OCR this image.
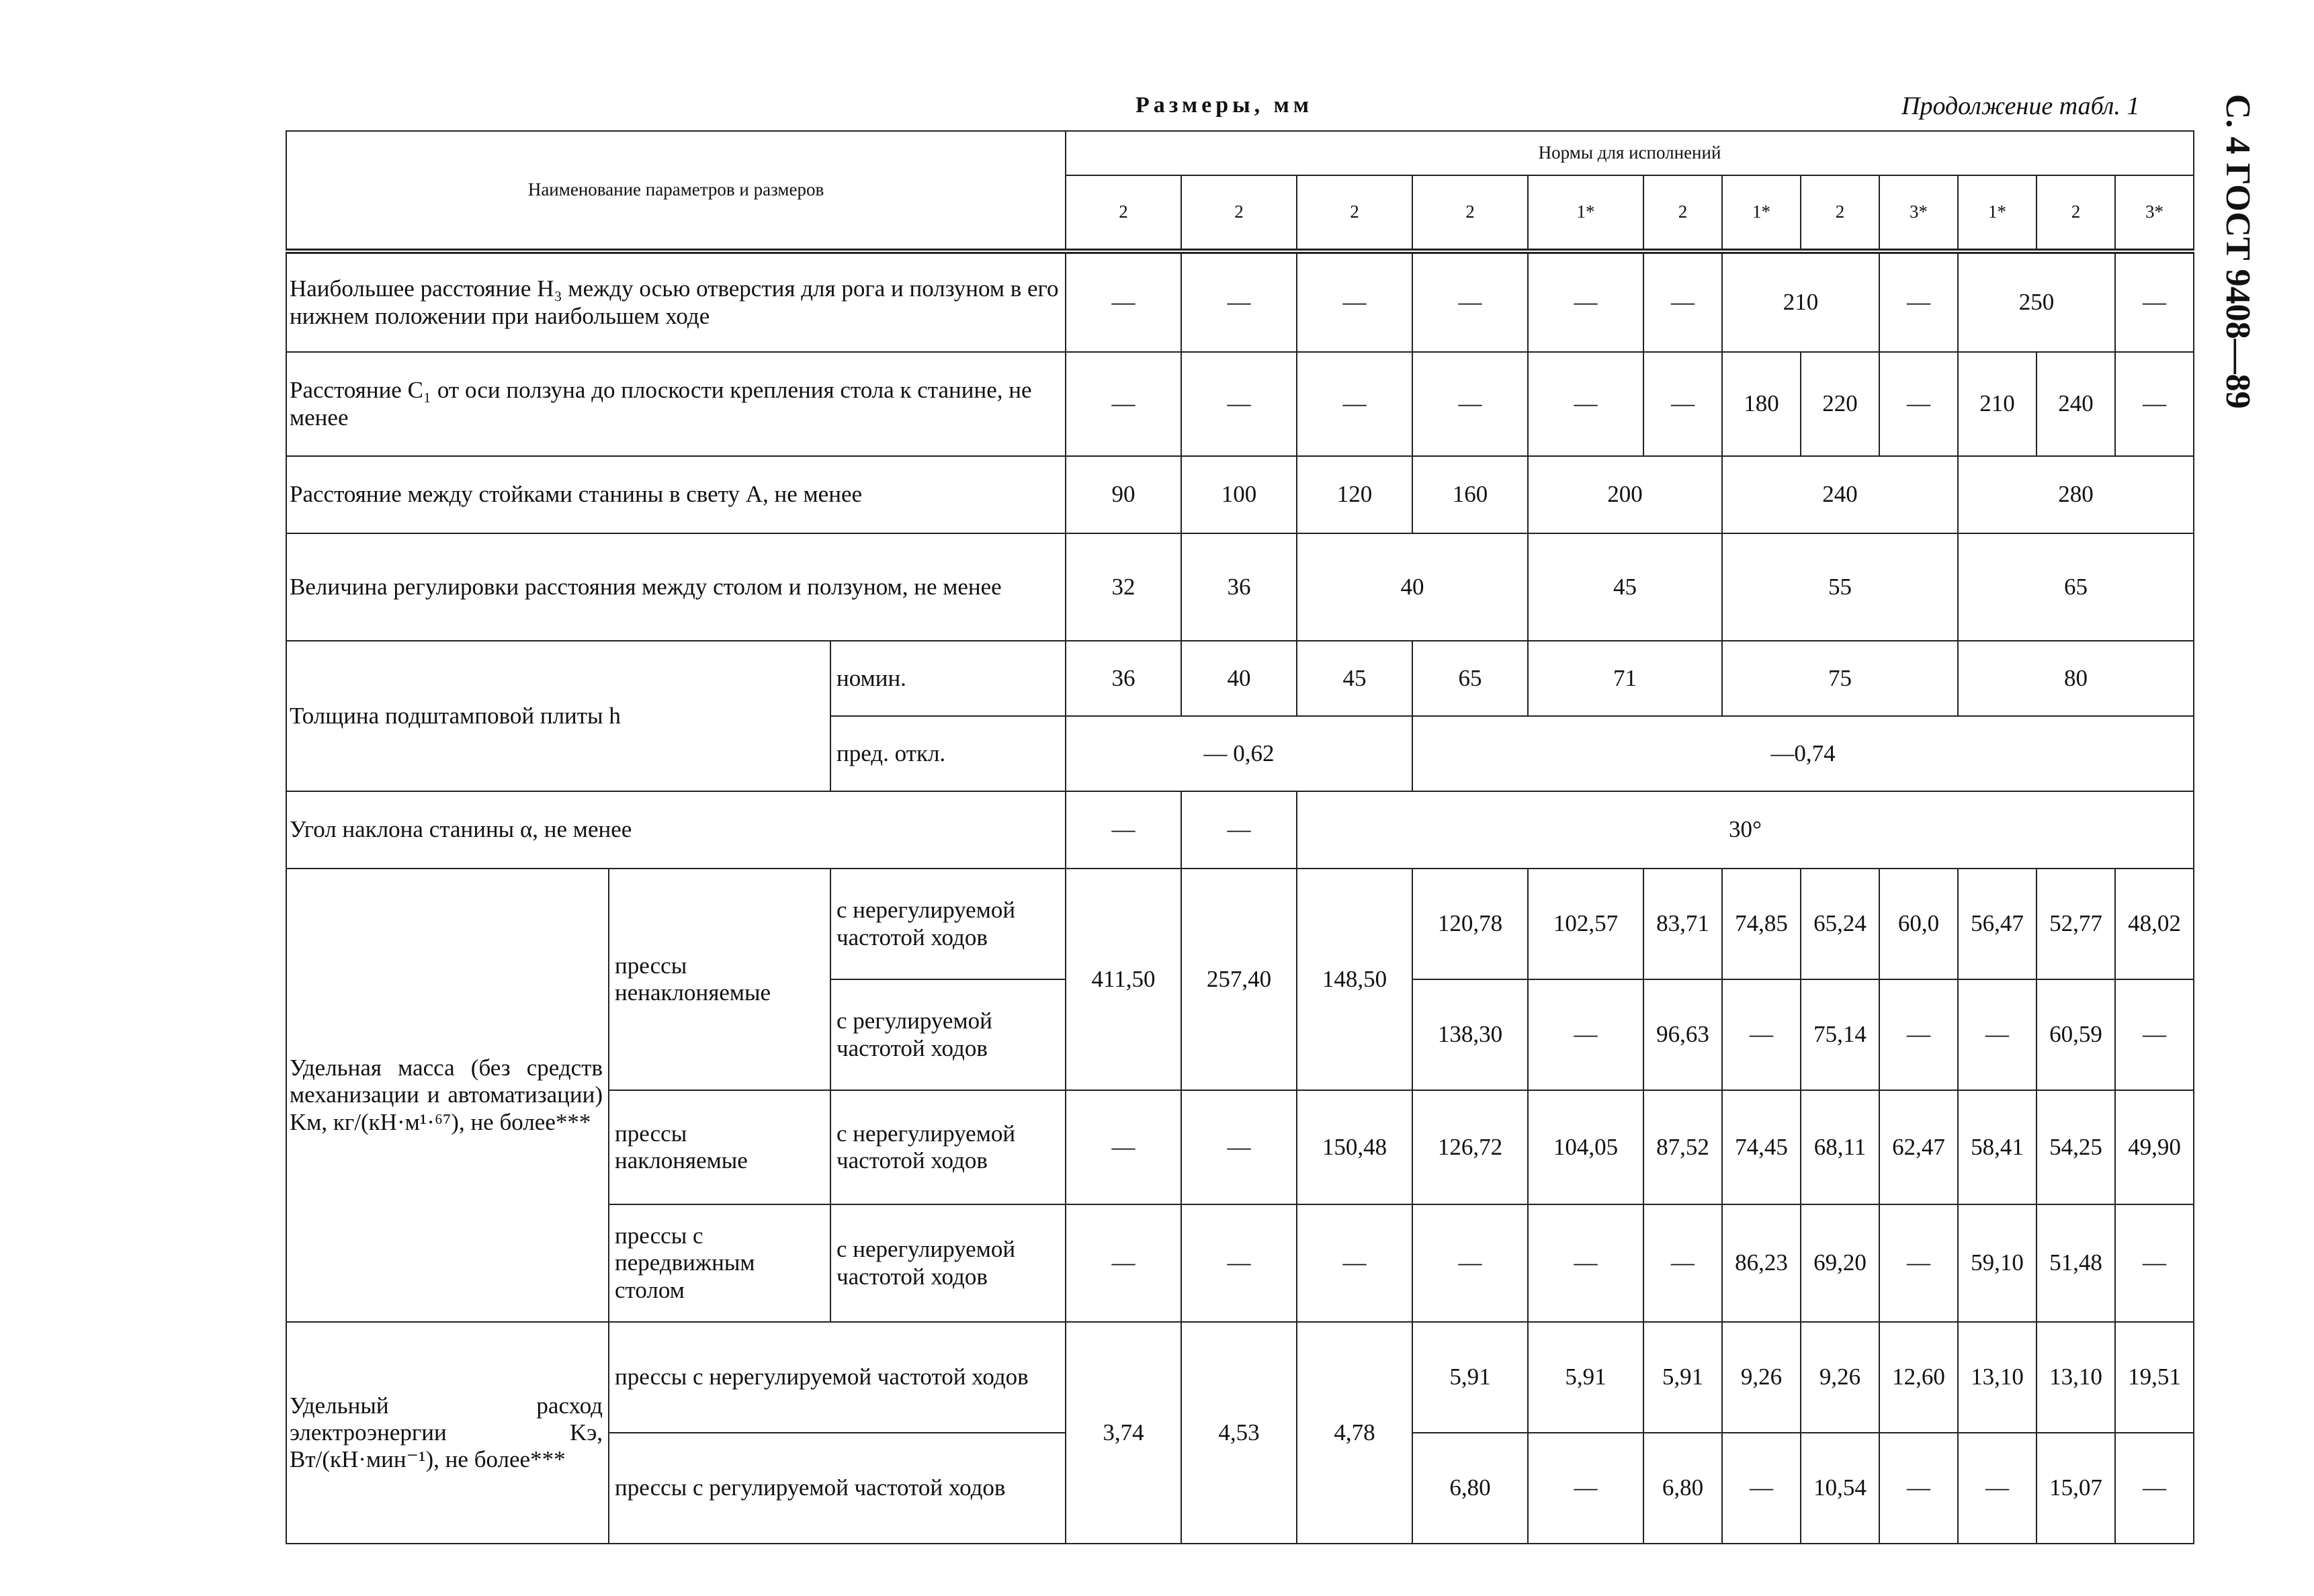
Размеры, мм	Продолжение табл. 1 С. 4 ГОСТ 9408—89
Наименование параметров и размеров			Нормы для исполнений											
			2	2	2	2	1*	2	1*	2	3*	1*	2	3*
Наибольшее расстояние H₃ между осью отверстия для рога и ползуном в его нижнем положении при наибольшем ходе			—	—	—	—	—	—	210		—	250		—
Расстояние C₁ от оси ползуна до плоскости крепления стола к станине, не менее			—	—	—	—	—	—	180	220	—	210	240	—
Расстояние между стойками станины в свету A, не менее			90	100	120	160	200		240			280		
Величина регулировки расстояния между столом и ползуном, не менее			32	36	40		45		55			65		
Толщина подштамповой плиты h		номин.	36	40	45	65	71		75			80		
		пред. откл.	— 0,62			—0,74								
Угол наклона станины α, не менее			—	—	30°									
Удельная масса (без средств механизации и автоматизации) Kм, кг/(кН·м¹·⁶⁷), не более***	прессы ненаклоняемые	с нерегулируемой частотой ходов	411,50	257,40	148,50	120,78	102,57	83,71	74,85	65,24	60,0	56,47	52,77	48,02
		с регулируемой частотой ходов				138,30	—	96,63	—	75,14	—	—	60,59	—
	прессы наклоняемые	с нерегулируемой частотой ходов	—	—	150,48	126,72	104,05	87,52	74,45	68,11	62,47	58,41	54,25	49,90
	прессы с передвижным столом	с нерегулируемой частотой ходов	—	—	—	—	—	—	86,23	69,20	—	59,10	51,48	—
Удельный расход электроэнергии Kэ, Вт/(кН·мин⁻¹), не более***	прессы с нерегулируемой частотой ходов		3,74	4,53	4,78	5,91	5,91	5,91	9,26	9,26	12,60	13,10	13,10	19,51
	прессы с регулируемой частотой ходов					6,80	—	6,80	—	10,54	—	—	15,07	—
